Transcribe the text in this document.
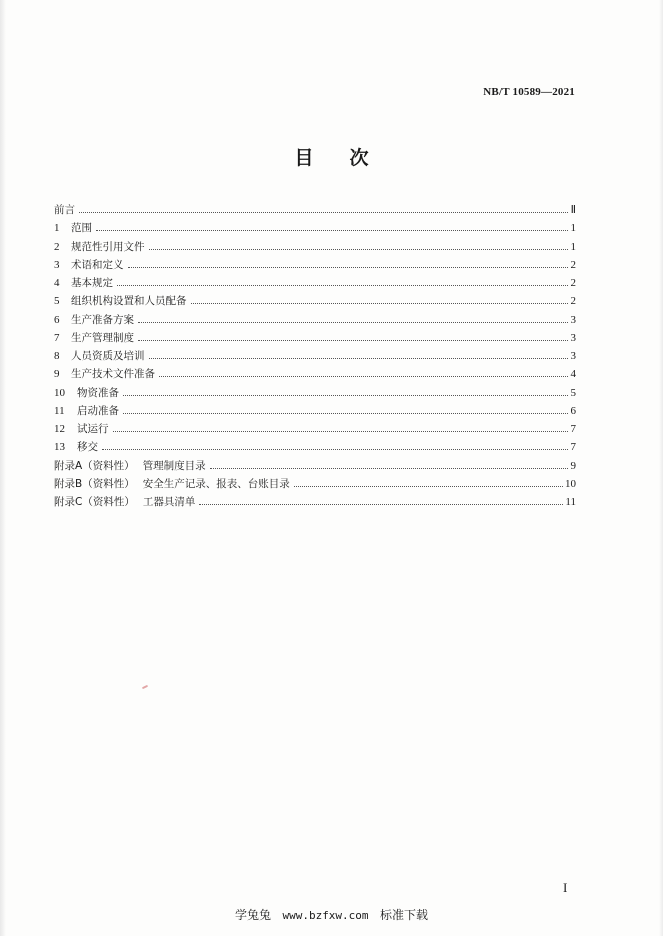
NB/T 10589—2021
目 次
前言	Ⅱ
1	范围	1
2	规范性引用文件	1
3	术语和定义	2
4	基本规定	2
5	组织机构设置和人员配备	2
6	生产准备方案	3
7	生产管理制度	3
8	人员资质及培训	3
9	生产技术文件准备	4
10	物资准备	5
11	启动准备	6
12	试运行	7
13	移交	7
附录A（资料性） 管理制度目录	9
附录B（资料性） 安全生产记录、报表、台账目录	10
附录C（资料性） 工器具清单	11
I
学兔兔 www.bzfxw.com 标准下载
